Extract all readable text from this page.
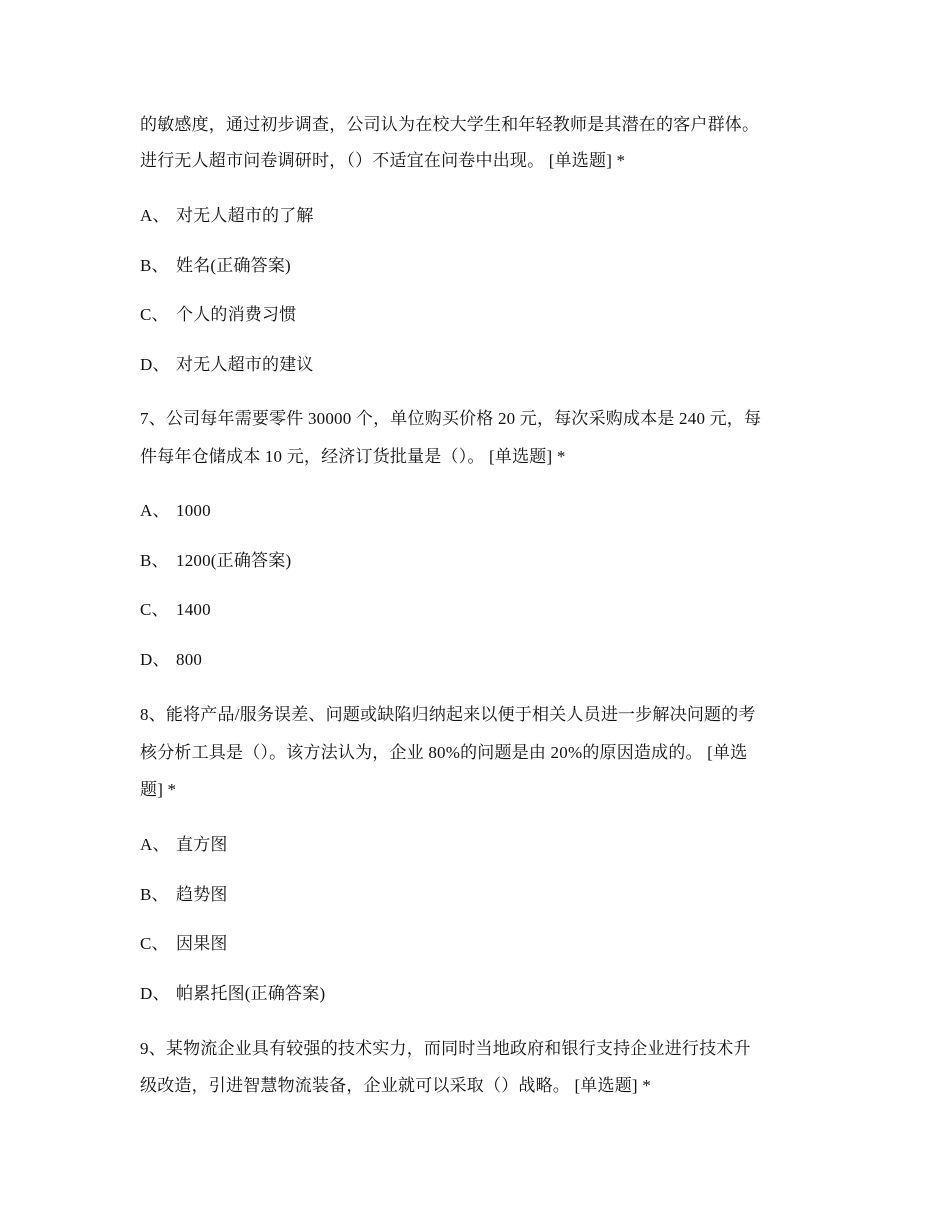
的敏感度，通过初步调查，公司认为在校大学生和年轻教师是其潜在的客户群体。
进行无人超市问卷调研时，（）不适宜在问卷中出现。 [单选题] *
A、 对无人超市的了解
B、 姓名(正确答案)
C、 个人的消费习惯
D、 对无人超市的建议
7、公司每年需要零件 30000 个，单位购买价格 20 元，每次采购成本是 240 元，每
件每年仓储成本 10 元，经济订货批量是（）。 [单选题] *
A、 1000
B、 1200(正确答案)
C、 1400
D、 800
8、能将产品/服务误差、问题或缺陷归纳起来以便于相关人员进一步解决问题的考
核分析工具是（）。该方法认为，企业 80%的问题是由 20%的原因造成的。 [单选
题] *
A、 直方图
B、 趋势图
C、 因果图
D、 帕累托图(正确答案)
9、某物流企业具有较强的技术实力，而同时当地政府和银行支持企业进行技术升
级改造，引进智慧物流装备，企业就可以采取（）战略。 [单选题] *
